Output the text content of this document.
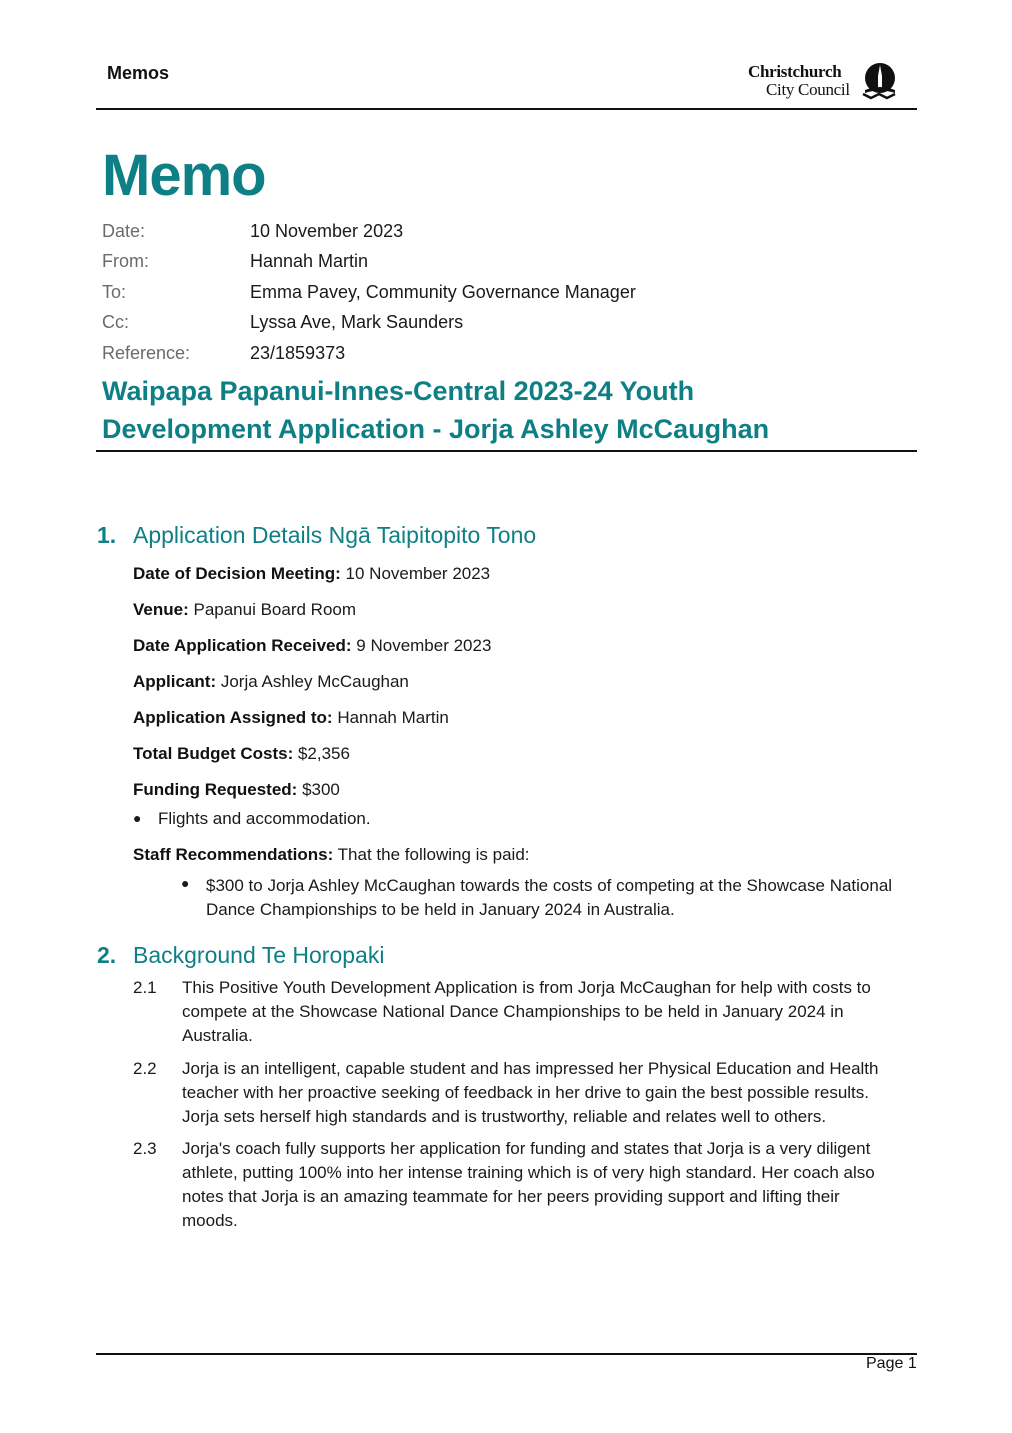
Memos	Christchurch
City Council
Memo
Date:	10 November 2023
From:	Hannah Martin
To:	Emma Pavey, Community Governance Manager
Cc:	Lyssa Ave, Mark Saunders
Reference:	23/1859373
Waipapa Papanui-Innes-Central 2023-24 Youth
Development Application - Jorja Ashley McCaughan
1. Application Details Ngā Taipitopito Tono
Date of Decision Meeting: 10 November 2023
Venue: Papanui Board Room
Date Application Received: 9 November 2023
Applicant: Jorja Ashley McCaughan
Application Assigned to: Hannah Martin
Total Budget Costs: $2,356
Funding Requested: $300
● Flights and accommodation.
Staff Recommendations: That the following is paid:
● $300 to Jorja Ashley McCaughan towards the costs of competing at the Showcase National
Dance Championships to be held in January 2024 in Australia.
2. Background Te Horopaki
2.1 This Positive Youth Development Application is from Jorja McCaughan for help with costs to
compete at the Showcase National Dance Championships to be held in January 2024 in
Australia.
2.2 Jorja is an intelligent, capable student and has impressed her Physical Education and Health
teacher with her proactive seeking of feedback in her drive to gain the best possible results.
Jorja sets herself high standards and is trustworthy, reliable and relates well to others.
2.3 Jorja's coach fully supports her application for funding and states that Jorja is a very diligent
athlete, putting 100% into her intense training which is of very high standard. Her coach also
notes that Jorja is an amazing teammate for her peers providing support and lifting their
moods.
Page 1
